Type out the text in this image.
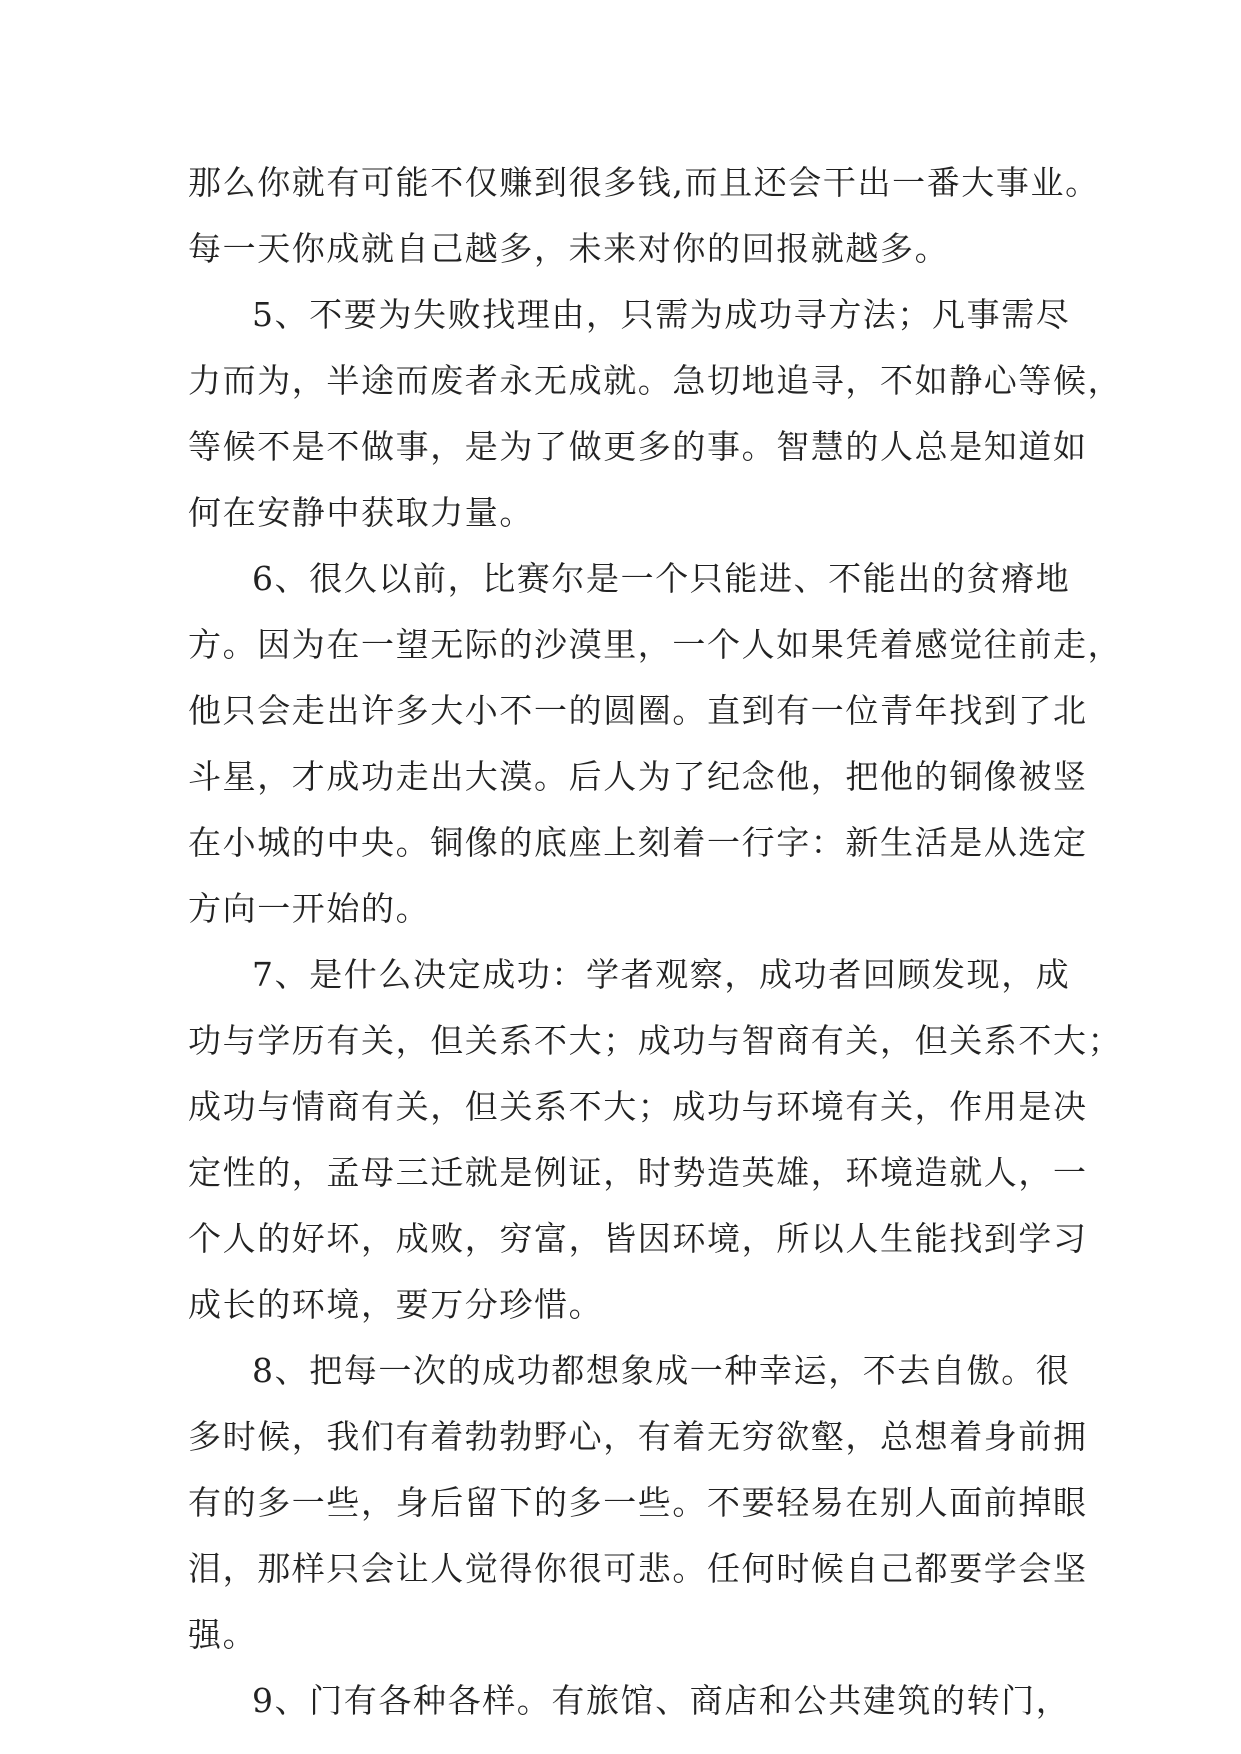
那么你就有可能不仅赚到很多钱,而且还会干出一番大事业。
每一天你成就自己越多，未来对你的回报就越多。
5、不要为失败找理由，只需为成功寻方法；凡事需尽
力而为，半途而废者永无成就。急切地追寻，不如静心等候，
等候不是不做事，是为了做更多的事。智慧的人总是知道如
何在安静中获取力量。
6、很久以前，比赛尔是一个只能进、不能出的贫瘠地
方。因为在一望无际的沙漠里，一个人如果凭着感觉往前走，
他只会走出许多大小不一的圆圈。直到有一位青年找到了北
斗星，才成功走出大漠。后人为了纪念他，把他的铜像被竖
在小城的中央。铜像的底座上刻着一行字：新生活是从选定
方向一开始的。
7、是什么决定成功：学者观察，成功者回顾发现，成
功与学历有关，但关系不大；成功与智商有关，但关系不大；
成功与情商有关，但关系不大；成功与环境有关，作用是决
定性的，孟母三迁就是例证，时势造英雄，环境造就人，一
个人的好坏，成败，穷富，皆因环境，所以人生能找到学习
成长的环境，要万分珍惜。
8、把每一次的成功都想象成一种幸运，不去自傲。很
多时候，我们有着勃勃野心，有着无穷欲壑，总想着身前拥
有的多一些，身后留下的多一些。不要轻易在别人面前掉眼
泪，那样只会让人觉得你很可悲。任何时候自己都要学会坚
强。
9、门有各种各样。有旅馆、商店和公共建筑的转门，
